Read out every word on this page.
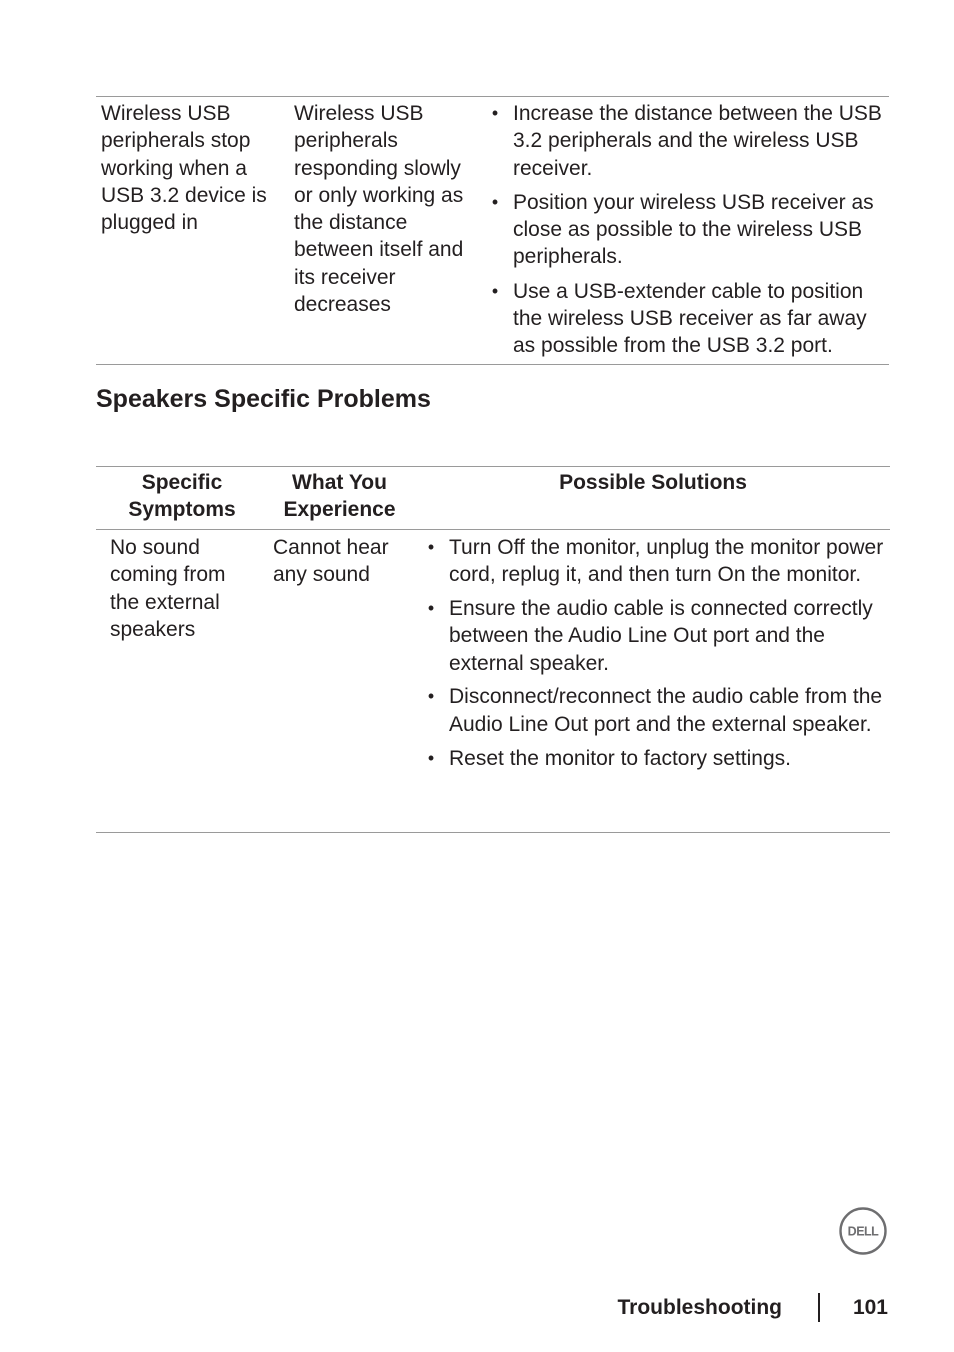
Wireless USB peripherals stop working when a USB 3.2 device is plugged in
Wireless USB peripherals responding slowly or only working as the distance between itself and its receiver decreases
• Increase the distance between the USB 3.2 peripherals and the wireless USB receiver.
• Position your wireless USB receiver as close as possible to the wireless USB peripherals.
• Use a USB-extender cable to position the wireless USB receiver as far away as possible from the USB 3.2 port.
Speakers Specific Problems
Specific Symptoms
What You Experience
Possible Solutions
No sound coming from the external speakers
Cannot hear any sound
• Turn Off the monitor, unplug the monitor power cord, replug it, and then turn On the monitor.
• Ensure the audio cable is connected correctly between the Audio Line Out port and the external speaker.
• Disconnect/reconnect the audio cable from the Audio Line Out port and the external speaker.
• Reset the monitor to factory settings.
DELL
Troubleshooting	101
